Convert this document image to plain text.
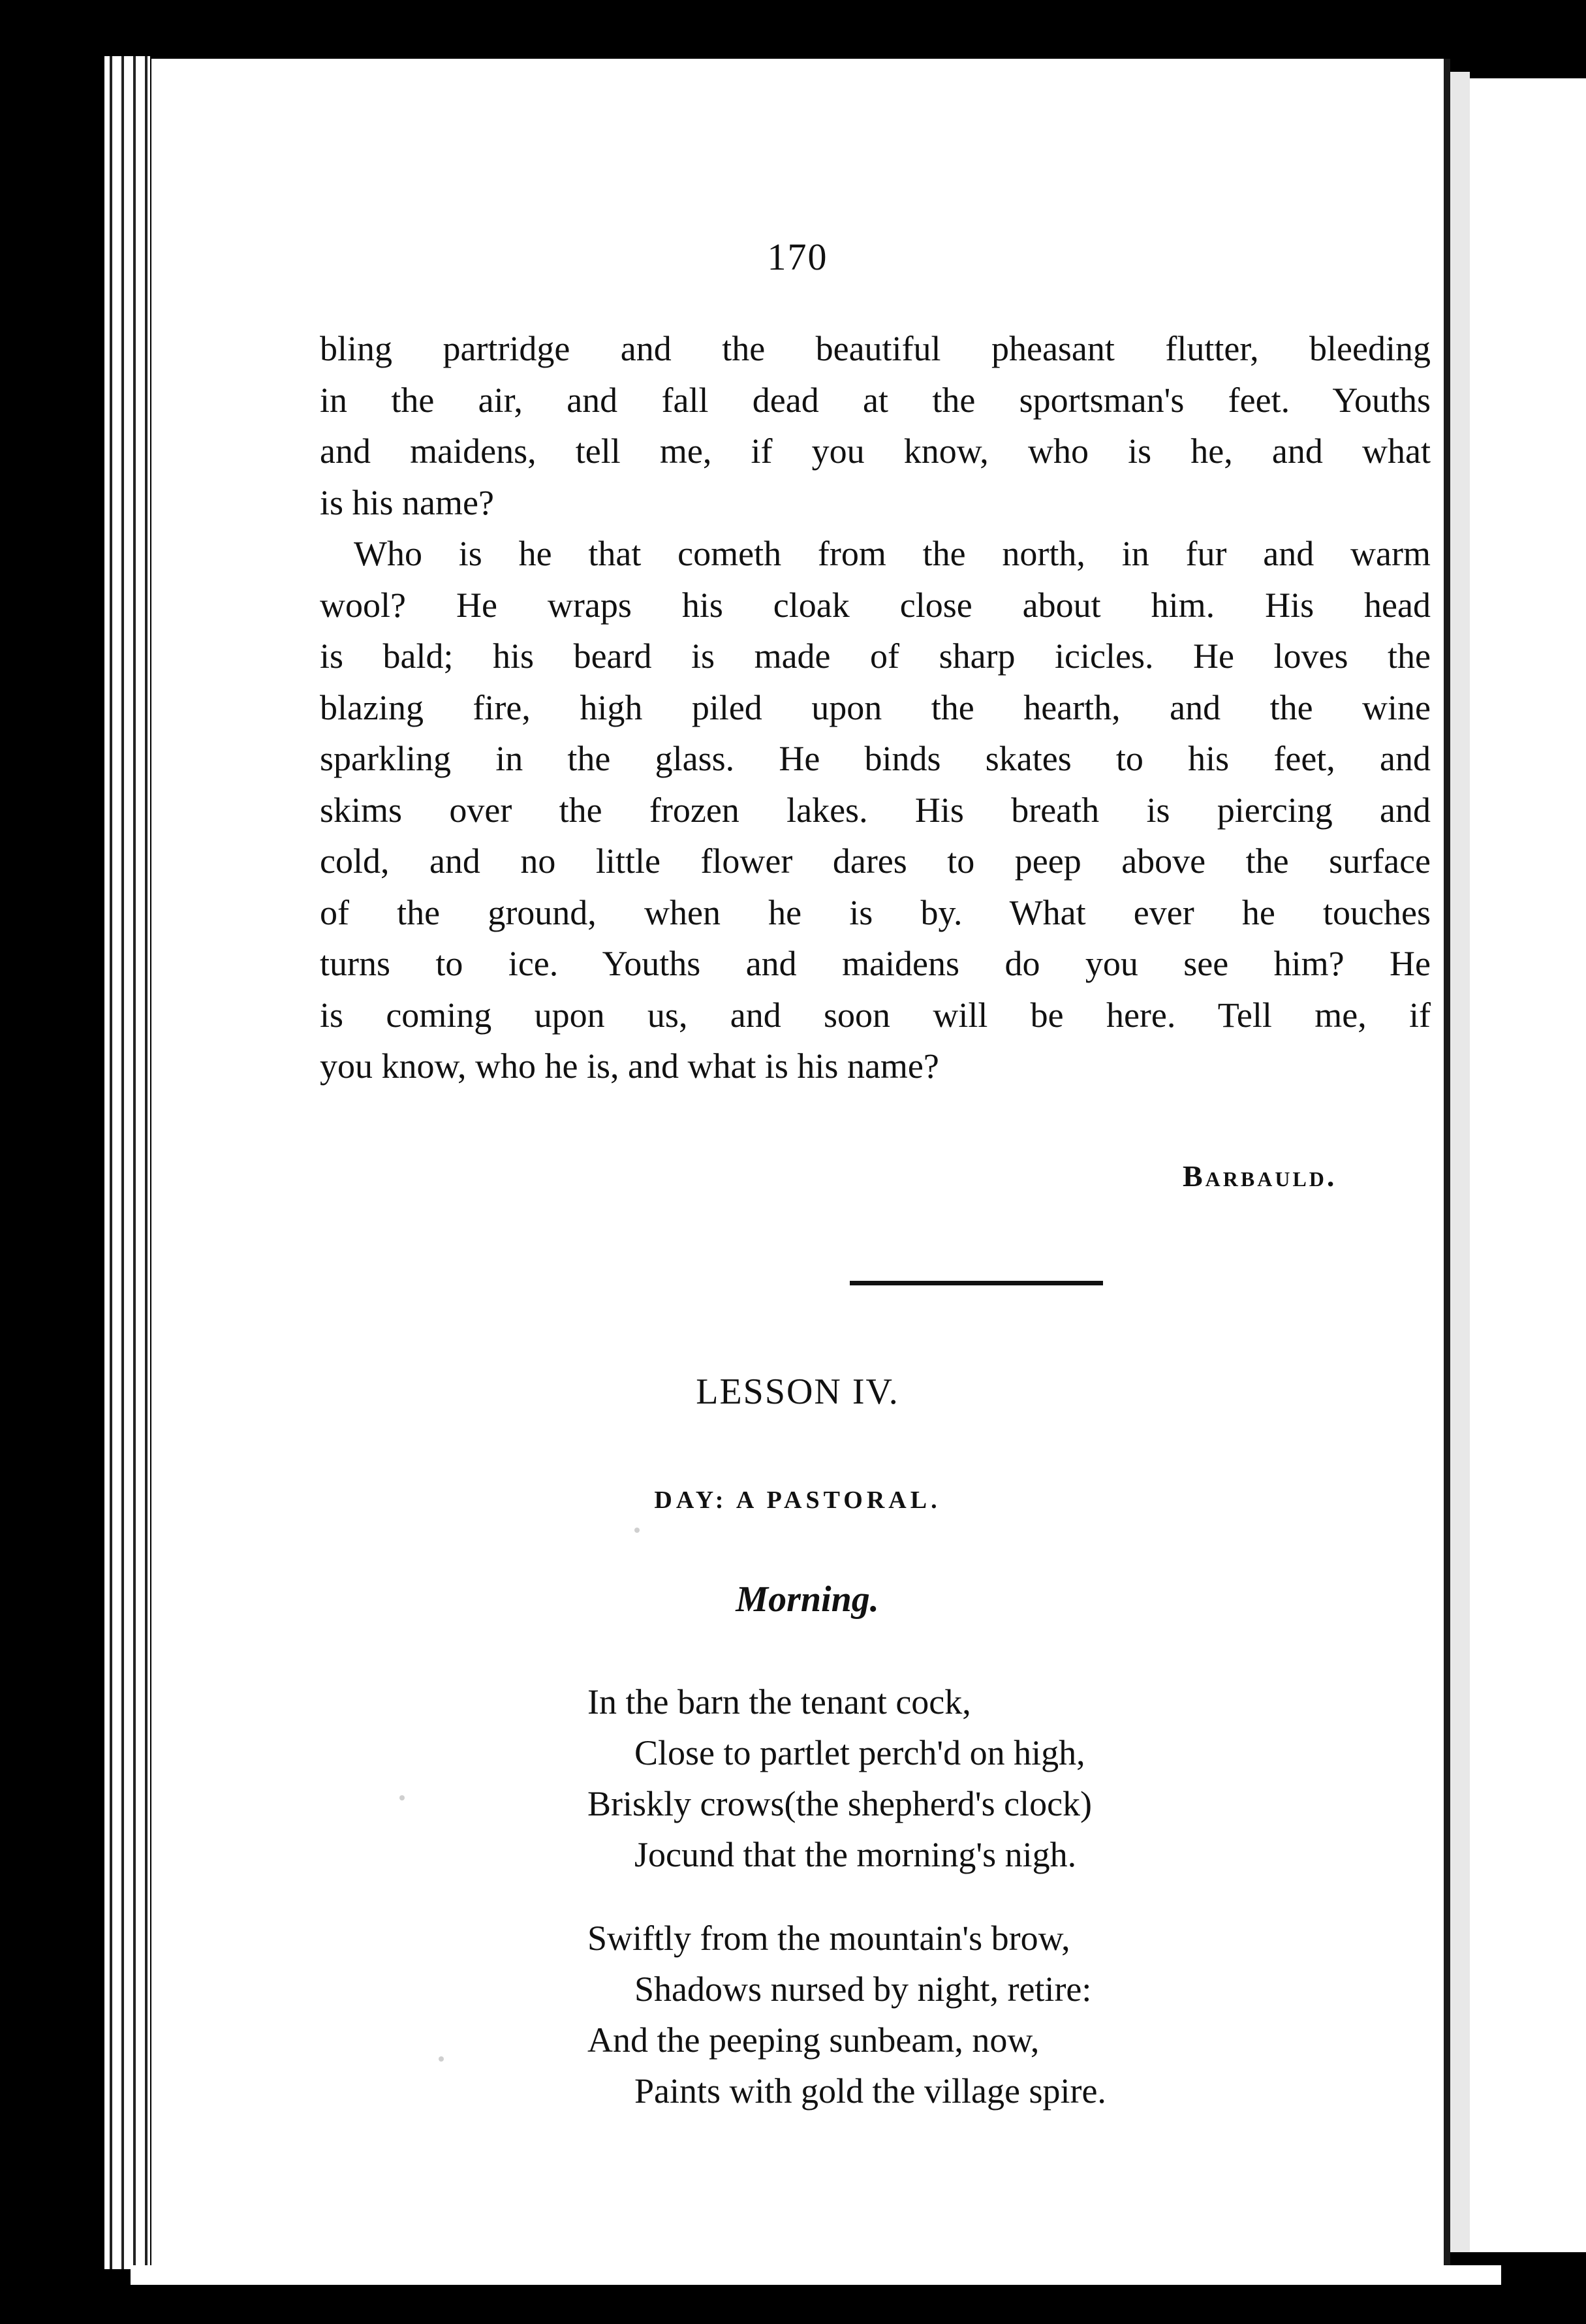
170
bling partridge and the beautiful pheasant flutter, bleeding
in the air, and fall dead at the sportsman's feet. Youths
and maidens, tell me, if you know, who is he, and what
is his name?
Who is he that cometh from the north, in fur and warm
wool? He wraps his cloak close about him. His head
is bald; his beard is made of sharp icicles. He loves the
blazing fire, high piled upon the hearth, and the wine
sparkling in the glass. He binds skates to his feet, and
skims over the frozen lakes. His breath is piercing and
cold, and no little flower dares to peep above the surface
of the ground, when he is by. What ever he touches
turns to ice. Youths and maidens do you see him? He
is coming upon us, and soon will be here. Tell me, if
you know, who he is, and what is his name?
Barbauld.
LESSON IV.
DAY: A PASTORAL.
Morning.
In the barn the tenant cock,
Close to partlet perch'd on high,
Briskly crows(the shepherd's clock)
Jocund that the morning's nigh.
Swiftly from the mountain's brow,
Shadows nursed by night, retire:
And the peeping sunbeam, now,
Paints with gold the village spire.
